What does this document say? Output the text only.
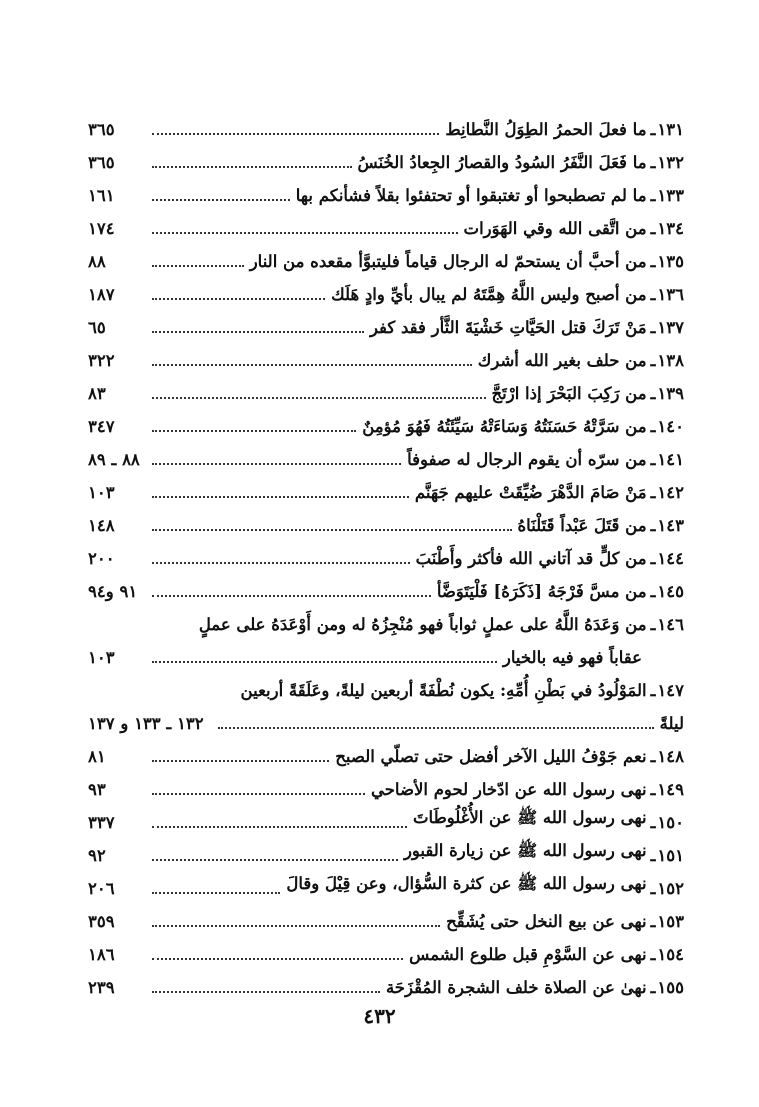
١٣١
ـ
ما فعلَ الحمرُ الطِوَلُ النَّطانِط
٣٦٥
١٣٢
ـ
ما فَعَلَ النَّفَرُ السُودُ والقصارُ الجِعادُ الخُنَسُ
٣٦٥
١٣٣
ـ
ما لم تصطبحوا أو تغتبقوا أو تحتفئوا بقلاً فشأنكم بها
١٦١
١٣٤
ـ
من اتَّقى الله وقي الهَوَرات
١٧٤
١٣٥
ـ
من أحبَّ أن يستحمّ له الرجال قياماً فليتبوَّأ مقعده من النار
٨٨
١٣٦
ـ
من أصبح وليس اللَّهُ هِمَّتَهُ لم يبال بأيِّ وادٍ هَلَك
١٨٧
١٣٧
ـ
مَنْ تَرَكَ قتل الحَيَّاتِ خَشْيَةَ الثَّأر فقد كفر
٦٥
١٣٨
ـ
من حلف بغير الله أشرك
٣٢٢
١٣٩
ـ
من رَكِبَ البَحْرَ إذا ارْتَجَّ
٨٣
١٤٠
ـ
من سَرَّتْهُ حَسَنَتُهُ وَسَاءَتْهُ سَيِّئَتُهُ فَهُوَ مُؤمِنٌ
٣٤٧
١٤١
ـ
من سرّه أن يقوم الرجال له صفوفاً
٨٨ ـ ٨٩
١٤٢
ـ
مَنْ صَامَ الدَّهْرَ ضُيِّقَتْ عليهم جَهَنَّم
١٠٣
١٤٣
ـ
من قَتَلَ عَبْداً قَتَلْنَاهُ
١٤٨
١٤٤
ـ
من كلٍّ قد آتاني الله فأكثر وأَطْنَبَ
٢٠٠
١٤٥
ـ
من مسَّ فَرْجَهُ [ذَكَرَهُ] فَلْيَتَوَضَّأ
٩١ و٩٤
١٤٦
ـ
من وَعَدَهُ اللَّهُ على عملٍ ثواباً فهو مُنْجِزُهُ له ومن أَوْعَدَهُ على عملٍ
عقاباً فهو فيه بالخيار
١٠٣
١٤٧
ـ
المَوْلُودُ في بَطْنِ أُمِّهِ: يكون نُطْفَةً أربعين ليلةً، وعَلَقَةً أربعين
ليلةً
١٣٢ ـ ١٣٣ و ١٣٧
١٤٨
ـ
نعم جَوْفُ الليل الآخر أفضل حتى تصلّي الصبح
٨١
١٤٩
ـ
نهى رسول الله عن ادّخار لحوم الأضاحي
٩٣
١٥٠
ـ
نهى رسول الله ﷺ عن الأُغْلُوطَاتَ
٣٣٧
١٥١
ـ
نهى رسول الله ﷺ عن زيارة القبور
٩٢
١٥٢
ـ
نهى رسول الله ﷺ عن كثرة السُّؤال، وعن قِيْلَ وقالَ
٢٠٦
١٥٣
ـ
نهى عن بيع النخل حتى يُشَقِّح
٣٥٩
١٥٤
ـ
نهى عن السَّوْمِ قبل طلوع الشمس
١٨٦
١٥٥
ـ
نهىٰ عن الصلاة خلف الشجرة المُقْزَحَة
٢٣٩
٤٣٢
